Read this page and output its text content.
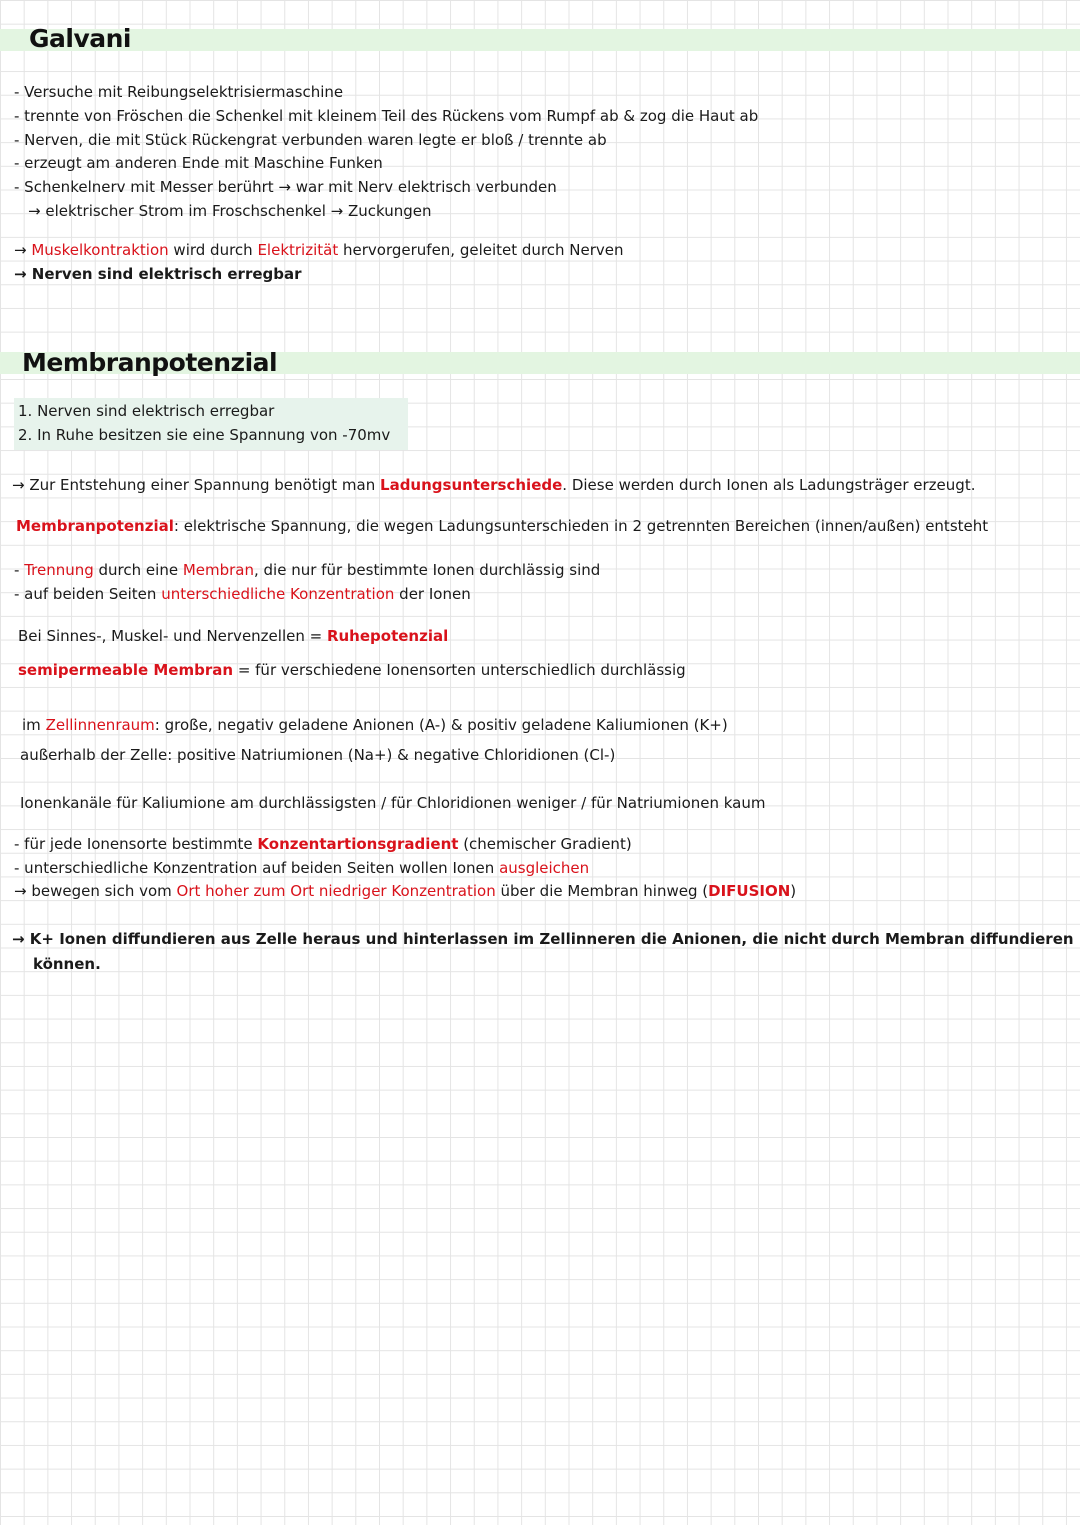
Galvani
- Versuche mit Reibungselektrisiermaschine
- trennte von Fröschen die Schenkel mit kleinem Teil des Rückens vom Rumpf ab & zog die Haut ab
- Nerven, die mit Stück Rückengrat verbunden waren legte er bloß / trennte ab
- erzeugt am anderen Ende mit Maschine Funken
- Schenkelnerv mit Messer berührt → war mit Nerv elektrisch verbunden
→ elektrischer Strom im Froschschenkel → Zuckungen
→ Muskelkontraktion wird durch Elektrizität hervorgerufen, geleitet durch Nerven
→ Nerven sind elektrisch erregbar
Membranpotenzial
1. Nerven sind elektrisch erregbar
2. In Ruhe besitzen sie eine Spannung von -70mv
→ Zur Entstehung einer Spannung benötigt man Ladungsunterschiede. Diese werden durch Ionen als Ladungsträger erzeugt.
Membranpotenzial: elektrische Spannung, die wegen Ladungsunterschieden in 2 getrennten Bereichen (innen/außen) entsteht
- Trennung durch eine Membran, die nur für bestimmte Ionen durchlässig sind
- auf beiden Seiten unterschiedliche Konzentration der Ionen
Bei Sinnes-, Muskel- und Nervenzellen = Ruhepotenzial
semipermeable Membran = für verschiedene Ionensorten unterschiedlich durchlässig
im Zellinnenraum: große, negativ geladene Anionen (A-) & positiv geladene Kaliumionen (K+)
außerhalb der Zelle: positive Natriumionen (Na+) & negative Chloridionen (Cl-)
Ionenkanäle für Kaliumione am durchlässigsten / für Chloridionen weniger / für Natriumionen kaum
- für jede Ionensorte bestimmte Konzentartionsgradient (chemischer Gradient)
- unterschiedliche Konzentration auf beiden Seiten wollen Ionen ausgleichen
→ bewegen sich vom Ort hoher zum Ort niedriger Konzentration über die Membran hinweg (DIFUSION)
→ K+ Ionen diffundieren aus Zelle heraus und hinterlassen im Zellinneren die Anionen, die nicht durch Membran diffundieren
können.
